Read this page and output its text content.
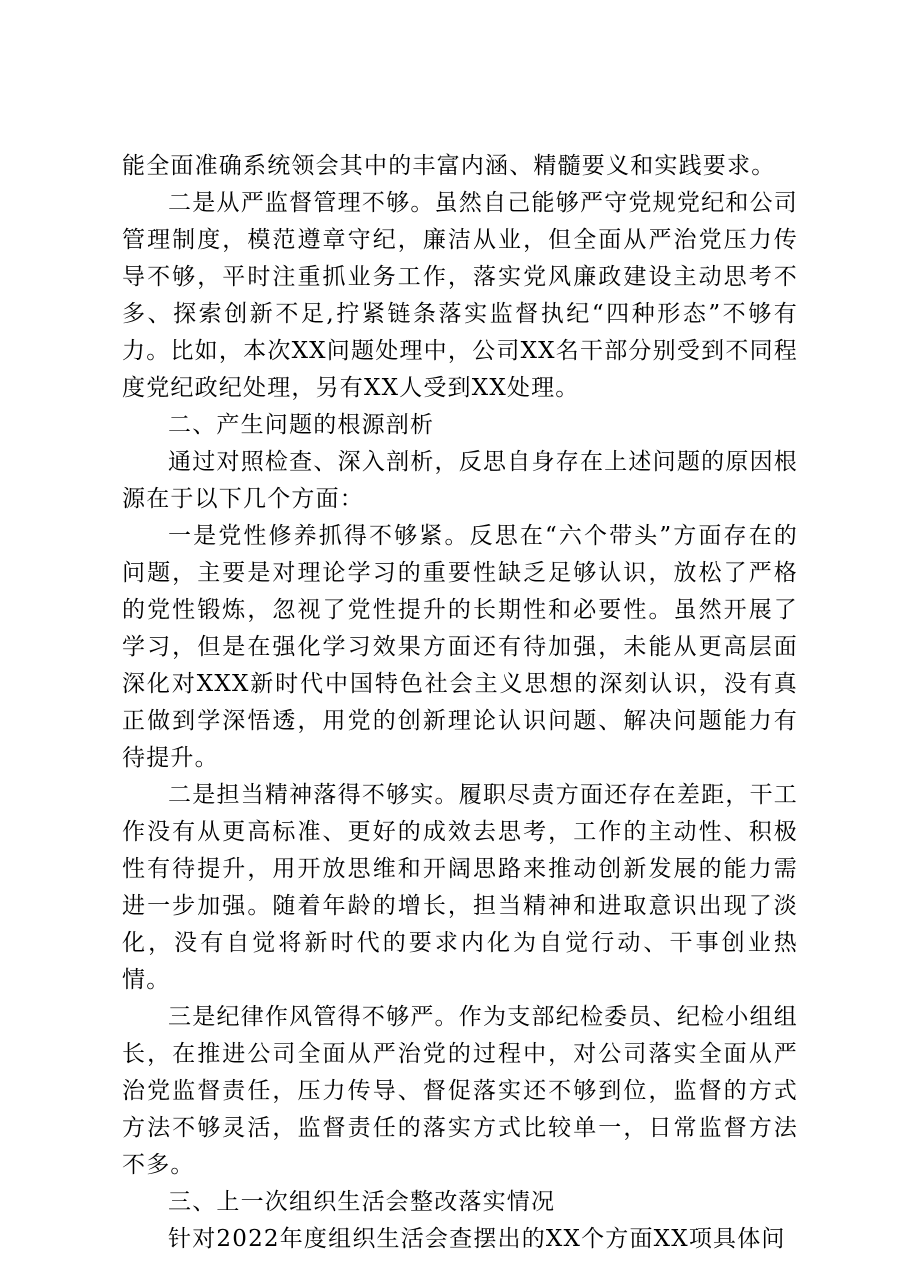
能全面准确系统领会其中的丰富内涵、精髓要义和实践要求。

二是从严监督管理不够。虽然自己能够严守党规党纪和公司管理制度，模范遵章守纪，廉洁从业，但全面从严治党压力传导不够，平时注重抓业务工作，落实党风廉政建设主动思考不多、探索创新不足,拧紧链条落实监督执纪“四种形态”不够有力。比如，本次XX问题处理中，公司XX名干部分别受到不同程度党纪政纪处理，另有XX人受到XX处理。

二、产生问题的根源剖析

通过对照检查、深入剖析，反思自身存在上述问题的原因根源在于以下几个方面：

一是党性修养抓得不够紧。反思在“六个带头”方面存在的问题，主要是对理论学习的重要性缺乏足够认识，放松了严格的党性锻炼，忽视了党性提升的长期性和必要性。虽然开展了学习，但是在强化学习效果方面还有待加强，未能从更高层面深化对XXX新时代中国特色社会主义思想的深刻认识，没有真正做到学深悟透，用党的创新理论认识问题、解决问题能力有待提升。

二是担当精神落得不够实。履职尽责方面还存在差距，干工作没有从更高标准、更好的成效去思考，工作的主动性、积极性有待提升，用开放思维和开阔思路来推动创新发展的能力需进一步加强。随着年龄的增长，担当精神和进取意识出现了淡化，没有自觉将新时代的要求内化为自觉行动、干事创业热情。

三是纪律作风管得不够严。作为支部纪检委员、纪检小组组长，在推进公司全面从严治党的过程中，对公司落实全面从严治党监督责任，压力传导、督促落实还不够到位，监督的方式方法不够灵活，监督责任的落实方式比较单一，日常监督方法不多。

三、上一次组织生活会整改落实情况

针对2022年度组织生活会查摆出的XX个方面XX项具体问
